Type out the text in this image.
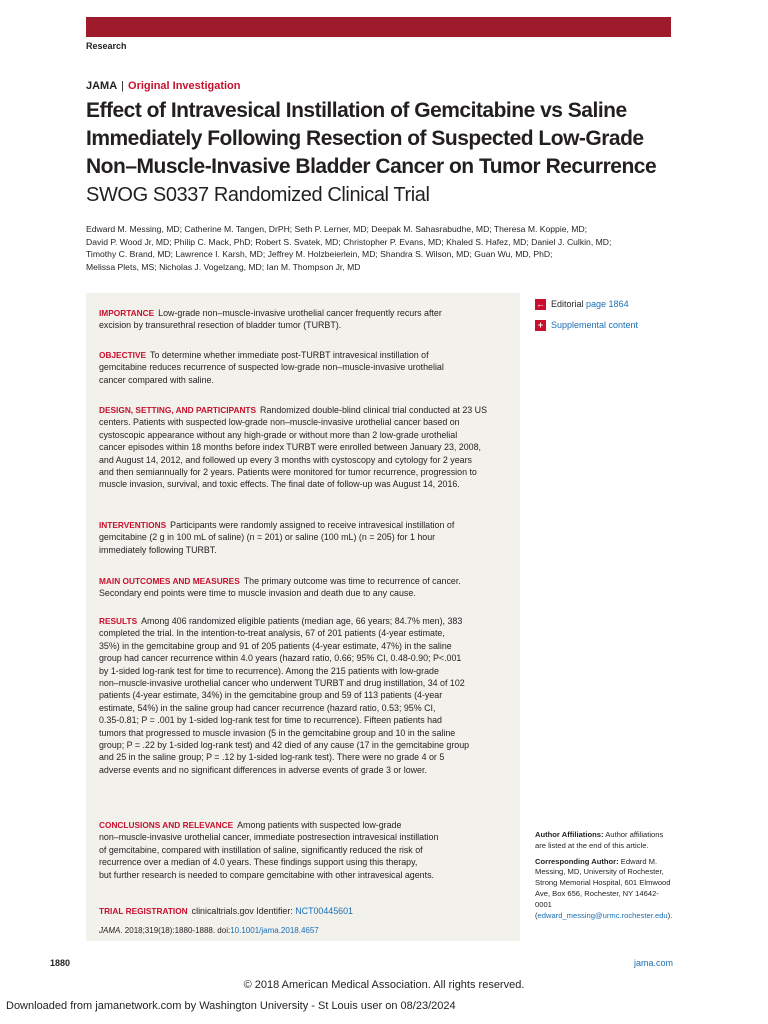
Research
JAMA | Original Investigation
Effect of Intravesical Instillation of Gemcitabine vs Saline
Immediately Following Resection of Suspected Low-Grade
Non–Muscle-Invasive Bladder Cancer on Tumor Recurrence
SWOG S0337 Randomized Clinical Trial
Edward M. Messing, MD; Catherine M. Tangen, DrPH; Seth P. Lerner, MD; Deepak M. Sahasrabudhe, MD; Theresa M. Koppie, MD;
David P. Wood Jr, MD; Philip C. Mack, PhD; Robert S. Svatek, MD; Christopher P. Evans, MD; Khaled S. Hafez, MD; Daniel J. Culkin, MD;
Timothy C. Brand, MD; Lawrence I. Karsh, MD; Jeffrey M. Holzbeierlein, MD; Shandra S. Wilson, MD; Guan Wu, MD, PhD;
Melissa Plets, MS; Nicholas J. Vogelzang, MD; Ian M. Thompson Jr, MD
IMPORTANCE Low-grade non–muscle-invasive urothelial cancer frequently recurs after
excision by transurethral resection of bladder tumor (TURBT).
OBJECTIVE To determine whether immediate post-TURBT intravesical instillation of
gemcitabine reduces recurrence of suspected low-grade non–muscle-invasive urothelial
cancer compared with saline.
DESIGN, SETTING, AND PARTICIPANTS Randomized double-blind clinical trial conducted at 23 US
centers. Patients with suspected low-grade non–muscle-invasive urothelial cancer based on
cystoscopic appearance without any high-grade or without more than 2 low-grade urothelial
cancer episodes within 18 months before index TURBT were enrolled between January 23, 2008,
and August 14, 2012, and followed up every 3 months with cystoscopy and cytology for 2 years
and then semiannually for 2 years. Patients were monitored for tumor recurrence, progression to
muscle invasion, survival, and toxic effects. The final date of follow-up was August 14, 2016.
INTERVENTIONS Participants were randomly assigned to receive intravesical instillation of
gemcitabine (2 g in 100 mL of saline) (n = 201) or saline (100 mL) (n = 205) for 1 hour
immediately following TURBT.
MAIN OUTCOMES AND MEASURES The primary outcome was time to recurrence of cancer.
Secondary end points were time to muscle invasion and death due to any cause.
RESULTS Among 406 randomized eligible patients (median age, 66 years; 84.7% men), 383
completed the trial. In the intention-to-treat analysis, 67 of 201 patients (4-year estimate,
35%) in the gemcitabine group and 91 of 205 patients (4-year estimate, 47%) in the saline
group had cancer recurrence within 4.0 years (hazard ratio, 0.66; 95% CI, 0.48-0.90; P<.001
by 1-sided log-rank test for time to recurrence). Among the 215 patients with low-grade
non–muscle-invasive urothelial cancer who underwent TURBT and drug instillation, 34 of 102
patients (4-year estimate, 34%) in the gemcitabine group and 59 of 113 patients (4-year
estimate, 54%) in the saline group had cancer recurrence (hazard ratio, 0.53; 95% CI,
0.35-0.81; P = .001 by 1-sided log-rank test for time to recurrence). Fifteen patients had
tumors that progressed to muscle invasion (5 in the gemcitabine group and 10 in the saline
group; P = .22 by 1-sided log-rank test) and 42 died of any cause (17 in the gemcitabine group
and 25 in the saline group; P = .12 by 1-sided log-rank test). There were no grade 4 or 5
adverse events and no significant differences in adverse events of grade 3 or lower.
CONCLUSIONS AND RELEVANCE Among patients with suspected low-grade
non–muscle-invasive urothelial cancer, immediate postresection intravesical instillation
of gemcitabine, compared with instillation of saline, significantly reduced the risk of
recurrence over a median of 4.0 years. These findings support using this therapy,
but further research is needed to compare gemcitabine with other intravesical agents.
TRIAL REGISTRATION clinicaltrials.gov Identifier: NCT00445601
JAMA. 2018;319(18):1880-1888. doi:10.1001/jama.2018.4657
← Editorial
page 1864
+ Supplemental content
Author Affiliations: Author affiliations are listed at the end of this article.
Corresponding Author: Edward M. Messing, MD, University of Rochester, Strong Memorial Hospital, 601 Elmwood Ave, Box 656, Rochester, NY 14642-0001 (edward_messing@urmc.rochester.edu).
1880	jama.com
© 2018 American Medical Association. All rights reserved.
Downloaded from jamanetwork.com by Washington University - St Louis user on 08/23/2024
